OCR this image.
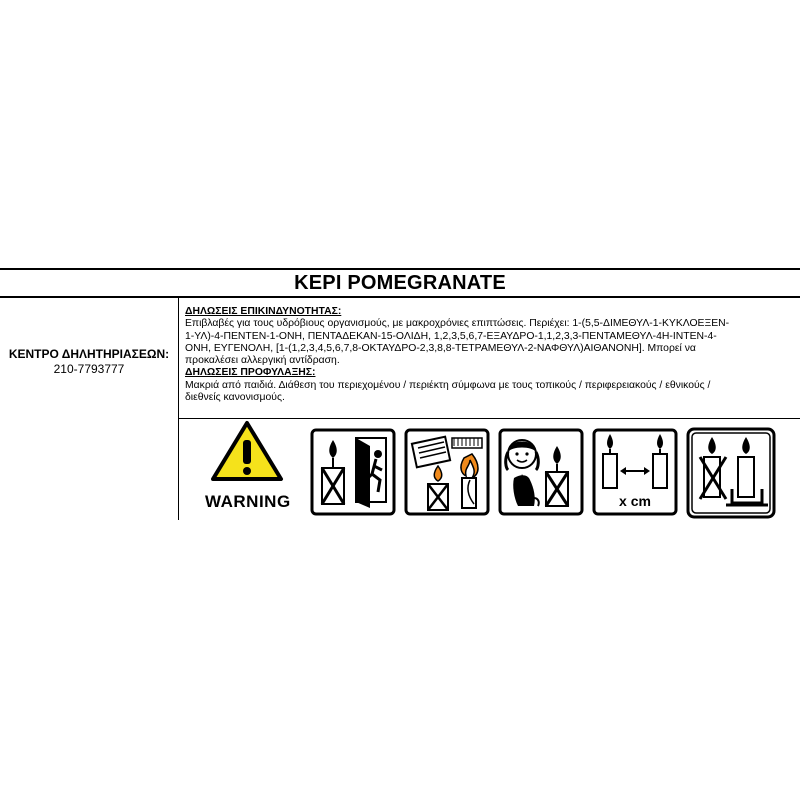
KEPI POMEGRANATE
ΚΕΝΤΡΟ ΔΗΛΗΤΗΡΙΑΣΕΩΝ:
210-7793777

ΔΗΛΩΣΕΙΣ ΕΠΙΚΙΝΔΥΝΟΤΗΤΑΣ:

Επιβλαβές για τους υδρόβιους οργανισμούς, με μακροχρόνιες επιπτώσεις. Περιέχει: 1-(5,5-ΔΙΜΕΘΥΛ-1-ΚΥΚΛΟΕΞΕΝ-

1-ΥΛ)-4-ΠΕΝΤΕΝ-1-ΟΝΗ, ΠΕΝΤΑΔΕΚΑΝ-15-ΟΛΙΔΗ, 1,2,3,5,6,7-ΕΞΑΥΔΡΟ-1,1,2,3,3-ΠΕΝΤΑΜΕΘΥΛ-4Η-ΙΝΤΕΝ-4-

ΟΝΗ, ΕΥΓΕΝΟΛΗ, [1-(1,2,3,4,5,6,7,8-ΟΚΤΑΥΔΡΟ-2,3,8,8-ΤΕΤΡΑΜΕΘΥΛ-2-ΝΑΦΘΥΛ)ΑΙΘΑΝΟΝΗ]. Μπορεί να

προκαλέσει αλλεργική αντίδραση.

ΔΗΛΩΣΕΙΣ ΠΡΟΦΥΛΑΞΗΣ:

Μακριά από παιδιά. Διάθεση του περιεχομένου / περιέκτη σύμφωνα με τους τοπικούς / περιφερειακούς / εθνικούς /

διεθνείς κανονισμούς.

WARNING	x cm
